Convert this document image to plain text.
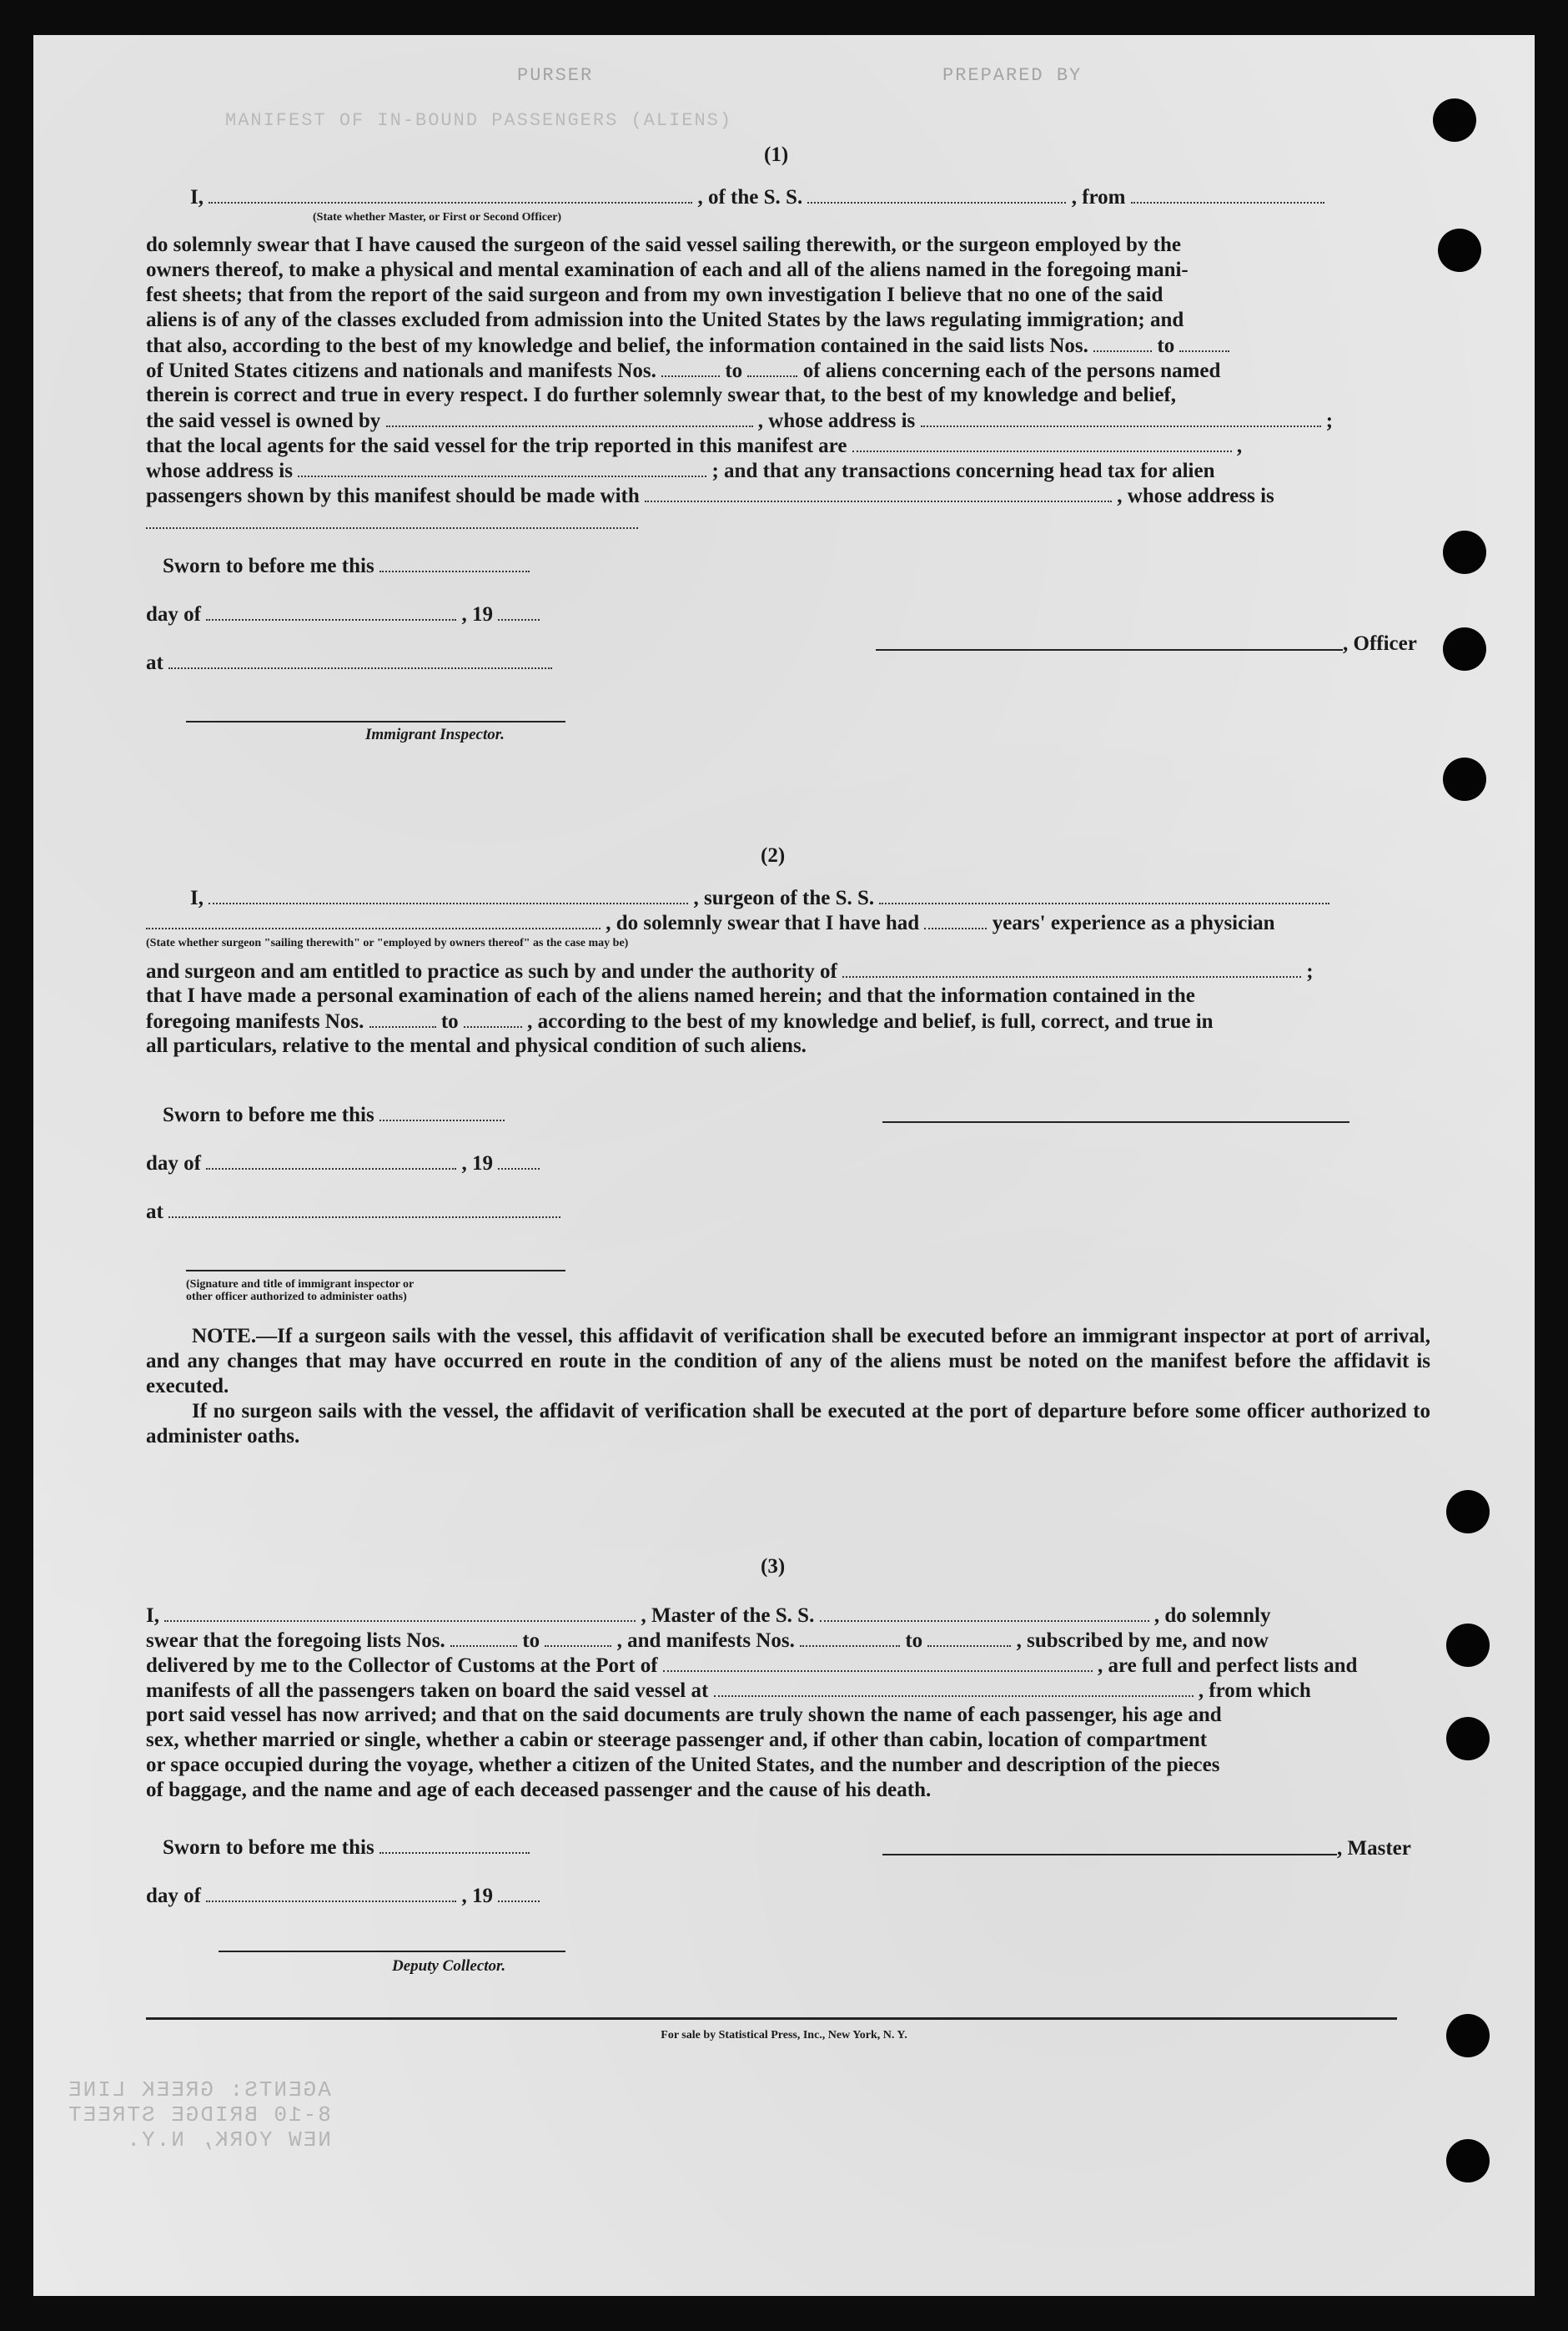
PURSER	PREPARED BY
MANIFEST OF IN-BOUND PASSENGERS (ALIENS)
(1)
I,	, of the S. S.	, from
(State whether Master, or First or Second Officer)
do solemnly swear that I have caused the surgeon of the said vessel sailing therewith, or the surgeon employed by the
owners thereof, to make a physical and mental examination of each and all of the aliens named in the foregoing mani-
fest sheets; that from the report of the said surgeon and from my own investigation I believe that no one of the said
aliens is of any of the classes excluded from admission into the United States by the laws regulating immigration; and
that also, according to the best of my knowledge and belief, the information contained in the said lists Nos.	to
of United States citizens and nationals and manifests Nos.	to	of aliens concerning each of the persons named
therein is correct and true in every respect. I do further solemnly swear that, to the best of my knowledge and belief,
the said vessel is owned by	, whose address is	;
that the local agents for the said vessel for the trip reported in this manifest are	,
whose address is	; and that any transactions concerning head tax for alien
passengers shown by this manifest should be made with	, whose address is
Sworn to before me this
day of	, 19
at
, Officer
Immigrant Inspector.
(2)
I,	, surgeon of the S. S.
, do solemnly swear that I have had	years' experience as a physician
(State whether surgeon "sailing therewith" or "employed by owners thereof" as the case may be)
and surgeon and am entitled to practice as such by and under the authority of	;
that I have made a personal examination of each of the aliens named herein; and that the information contained in the
foregoing manifests Nos.	to	, according to the best of my knowledge and belief, is full, correct, and true in
all particulars, relative to the mental and physical condition of such aliens.
Sworn to before me this
day of	, 19
at
(Signature and title of immigrant inspector or
other officer authorized to administer oaths)
NOTE.—If a surgeon sails with the vessel, this affidavit of verification shall be executed before an immigrant inspector at port of arrival, and any changes that may have occurred en route in the condition of any of the aliens must be noted on the manifest before the affidavit is executed.
If no surgeon sails with the vessel, the affidavit of verification shall be executed at the port of departure before some officer authorized to administer oaths.
(3)
I,	, Master of the S. S.	, do solemnly
swear that the foregoing lists Nos.	to	, and manifests Nos.	to	, subscribed by me, and now
delivered by me to the Collector of Customs at the Port of	, are full and perfect lists and
manifests of all the passengers taken on board the said vessel at	, from which
port said vessel has now arrived; and that on the said documents are truly shown the name of each passenger, his age and
sex, whether married or single, whether a cabin or steerage passenger and, if other than cabin, location of compartment
or space occupied during the voyage, whether a citizen of the United States, and the number and description of the pieces
of baggage, and the name and age of each deceased passenger and the cause of his death.
Sworn to before me this	, Master
day of	, 19
Deputy Collector.
For sale by Statistical Press, Inc., New York, N. Y.
AGENTS: GREEK LINE
8-10 BRIDGE STREET
NEW YORK, N.Y.
